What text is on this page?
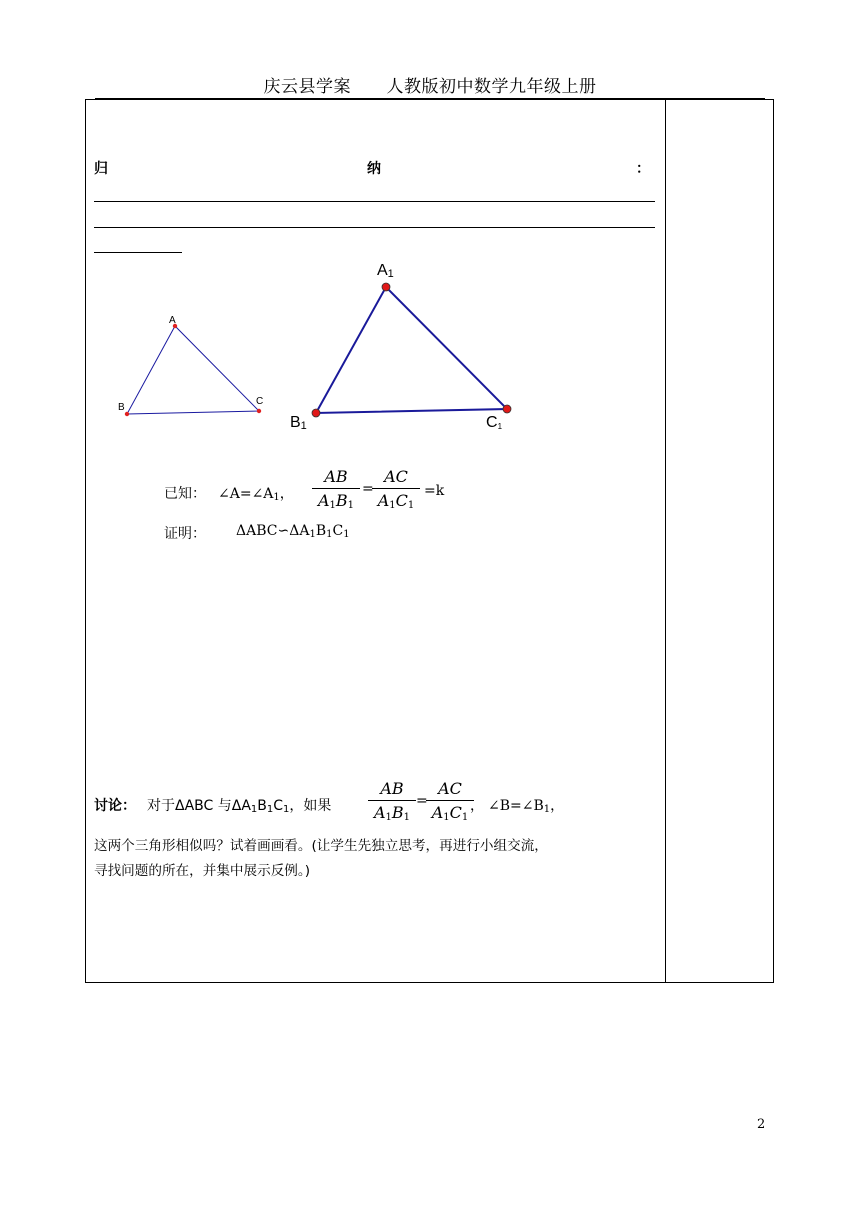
庆云县学案      人教版初中数学九年级上册
归	纳	：
A
B
C
$A_1$
$B_1$	$C_1$
已知： $\angle A=\angle A_1$，
AB
$A_1B_1$
=
AC
$A_1C_1$
=k
证明： $\Delta ABC∽\Delta A_1B_1C_1$
讨论： 对于ΔABC 与$\Delta A_1B_1C_1$，如果
AB
$A_1B_1$
=
AC
$A_1C_1$
， $\angle B=\angle B_1$，
这两个三角形相似吗？试着画画看。(让学生先独立思考，再进行小组交流，
寻找问题的所在，并集中展示反例。)
2
